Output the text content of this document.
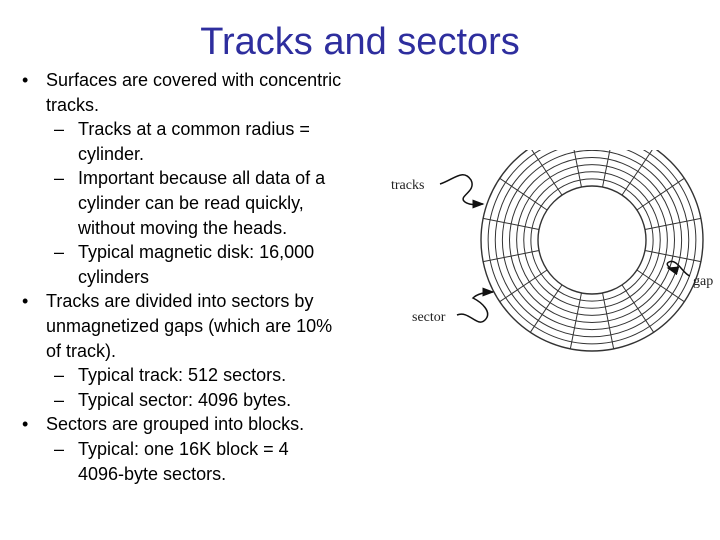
Tracks and sectors
• Surfaces are covered with concentric
tracks.
– Tracks at a common radius =
cylinder.
– Important because all data of a
cylinder can be read quickly,
without moving the heads.
– Typical magnetic disk: 16,000
cylinders
• Tracks are divided into sectors by
unmagnetized gaps (which are 10%
of track).
– Typical track: 512 sectors.
– Typical sector: 4096 bytes.
• Sectors are grouped into blocks.
– Typical: one 16K block = 4
4096-byte sectors.
tracks
gap
sector
